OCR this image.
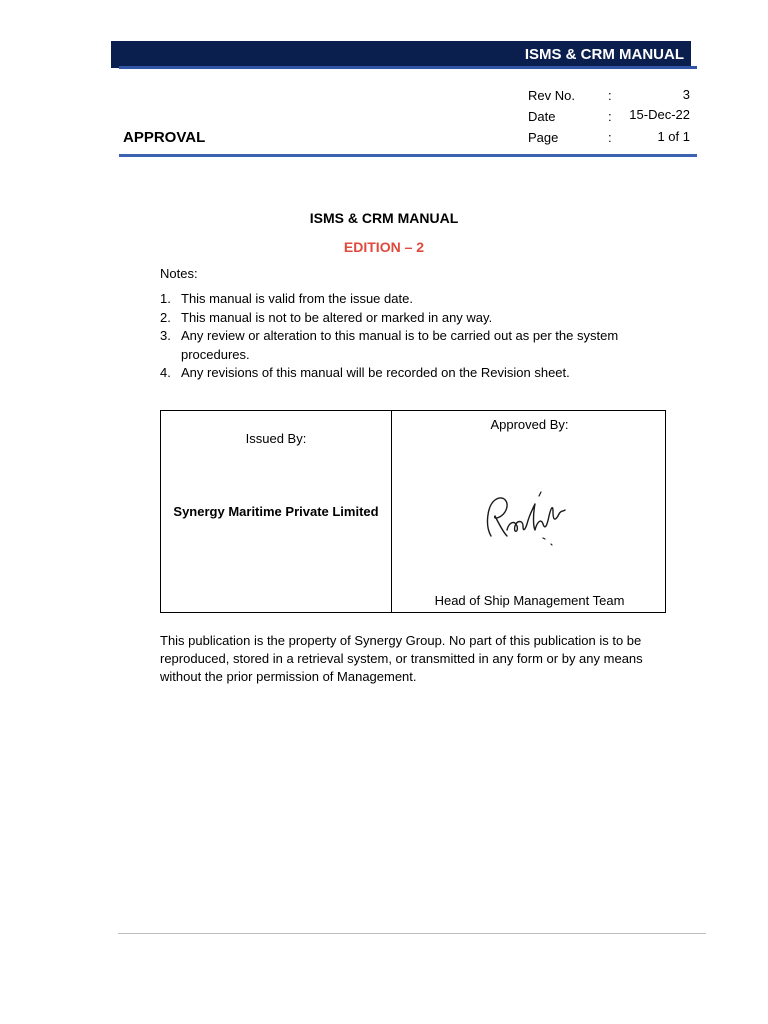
ISMS & CRM MANUAL
Rev No.	:	3
Date	: 15-Dec-22
Page	:	1 of 1
APPROVAL
ISMS & CRM MANUAL
EDITION – 2
Notes:
1. This manual is valid from the issue date.
2. This manual is not to be altered or marked in any way.
3. Any review or alteration to this manual is to be carried out as per the system procedures.
4. Any revisions of this manual will be recorded on the Revision sheet.
Issued By:
Synergy Maritime Private Limited
Approved By:
Head of Ship Management Team
This publication is the property of Synergy Group. No part of this publication is to be reproduced, stored in a retrieval system, or transmitted in any form or by any means without the prior permission of Management.
